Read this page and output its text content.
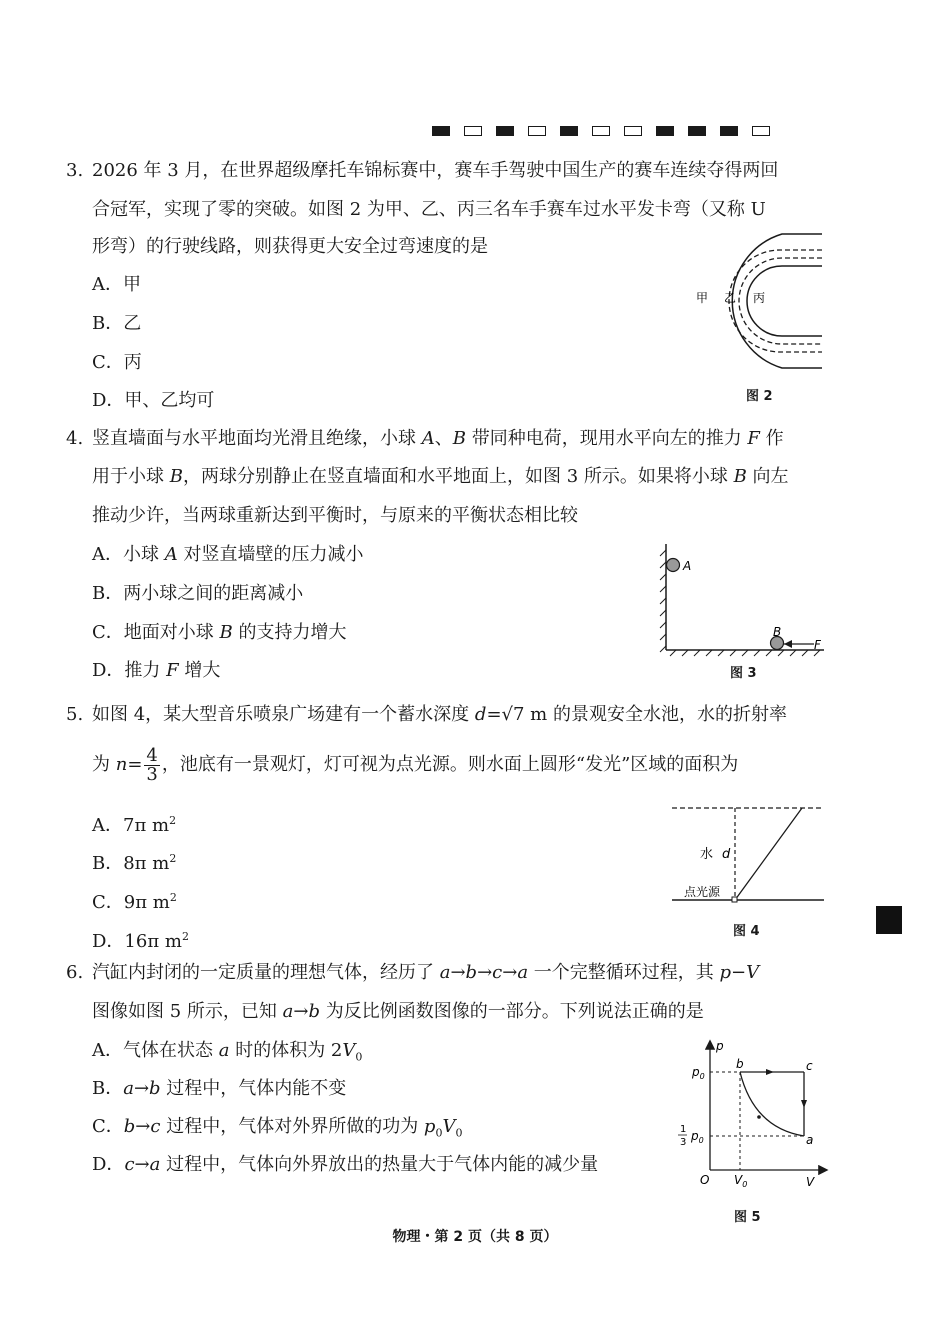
3. 2026 年 3 月，在世界超级摩托车锦标赛中，赛车手驾驶中国生产的赛车连续夺得两回
合冠军，实现了零的突破。如图 2 为甲、乙、丙三名车手赛车过水平发卡弯（又称 U
形弯）的行驶线路，则获得更大安全过弯速度的是
A．甲
B．乙
C．丙
D．甲、乙均可
甲 乙 丙
图 2
4. 竖直墙面与水平地面均光滑且绝缘，小球 A、B 带同种电荷，现用水平向左的推力 F 作
用于小球 B，两球分别静止在竖直墙面和水平地面上，如图 3 所示。如果将小球 B 向左
推动少许，当两球重新达到平衡时，与原来的平衡状态相比较
A．小球 A 对竖直墙壁的压力减小
B．两小球之间的距离减小
C．地面对小球 B 的支持力增大
D．推力 F 增大
A
B
F
图 3
5. 如图 4，某大型音乐喷泉广场建有一个蓄水深度 d=√7 m 的景观安全水池，水的折射率
为 $n= \frac{4}{3}$ ，池底有一景观灯，灯可视为点光源。则水面上圆形“发光”区域的面积为
A．7π $m^2$
B．8π $m^2$
C．9π $m^2$
D．16π $m^2$
水 d
点光源
图 4
6. 汽缸内封闭的一定质量的理想气体，经历了 a→b→c→a 一个完整循环过程，其 p−V
图像如图 5 所示，已知 a→b 为反比例函数图像的一部分。下列说法正确的是
A．气体在状态 a 时的体积为 $2V_0$
B．a→b 过程中，气体内能不变
C．b→c 过程中，气体对外界所做的功为 $p_0V_0$
D．c→a 过程中，气体向外界放出的热量大于气体内能的减少量
p
V
O
$p_0$
1
3 $p_0$
$V_0$
b	c
a
图 5
物理・第 2 页（共 8 页）
